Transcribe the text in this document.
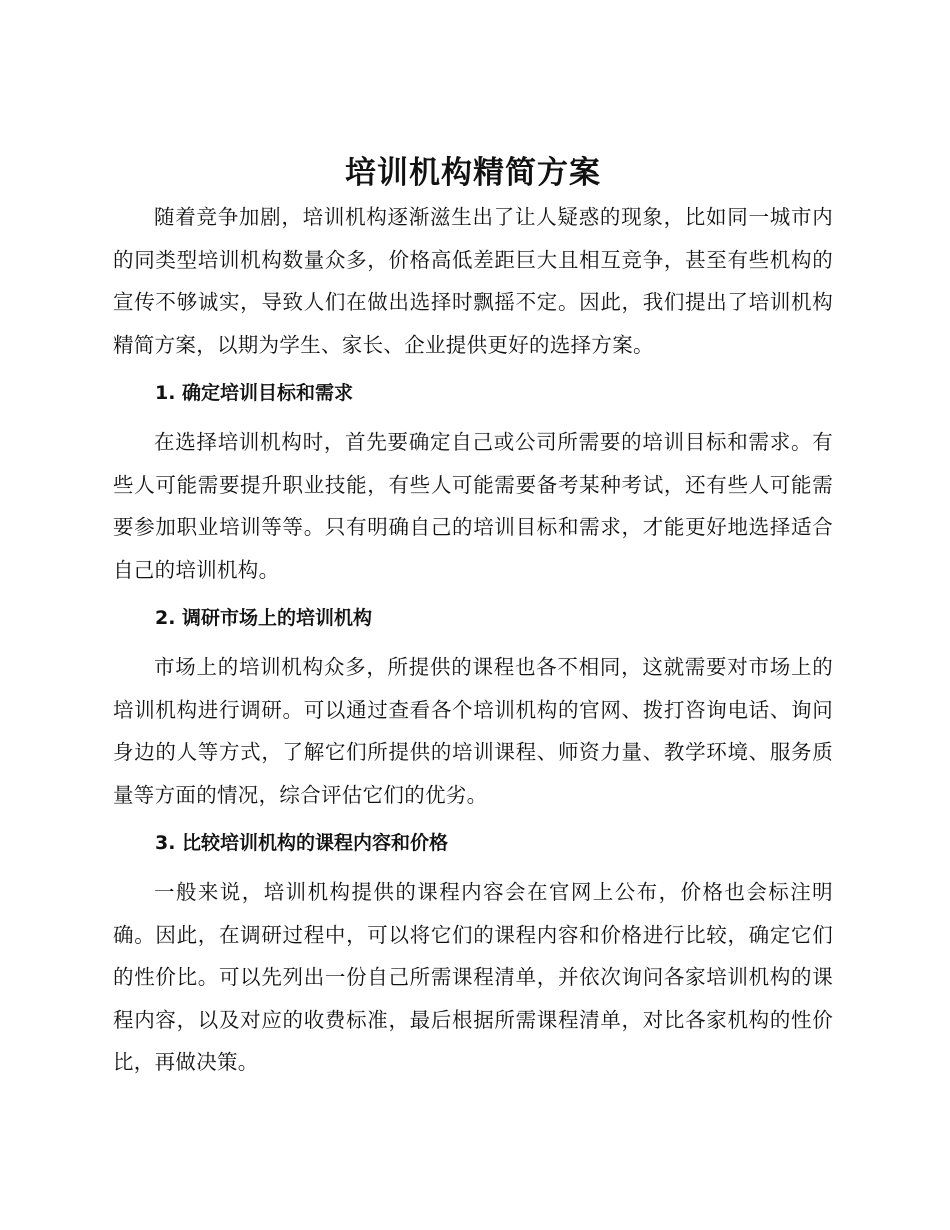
培训机构精简方案

随着竞争加剧，培训机构逐渐滋生出了让人疑惑的现象，比如同一城市内的同类型培训机构数量众多，价格高低差距巨大且相互竞争，甚至有些机构的宣传不够诚实，导致人们在做出选择时飘摇不定。因此，我们提出了培训机构精简方案，以期为学生、家长、企业提供更好的选择方案。

1. 确定培训目标和需求

在选择培训机构时，首先要确定自己或公司所需要的培训目标和需求。有些人可能需要提升职业技能，有些人可能需要备考某种考试，还有些人可能需要参加职业培训等等。只有明确自己的培训目标和需求，才能更好地选择适合自己的培训机构。

2. 调研市场上的培训机构

市场上的培训机构众多，所提供的课程也各不相同，这就需要对市场上的培训机构进行调研。可以通过查看各个培训机构的官网、拨打咨询电话、询问身边的人等方式，了解它们所提供的培训课程、师资力量、教学环境、服务质量等方面的情况，综合评估它们的优劣。

3. 比较培训机构的课程内容和价格

一般来说，培训机构提供的课程内容会在官网上公布，价格也会标注明确。因此，在调研过程中，可以将它们的课程内容和价格进行比较，确定它们的性价比。可以先列出一份自己所需课程清单，并依次询问各家培训机构的课程内容，以及对应的收费标准，最后根据所需课程清单，对比各家机构的性价比，再做决策。
